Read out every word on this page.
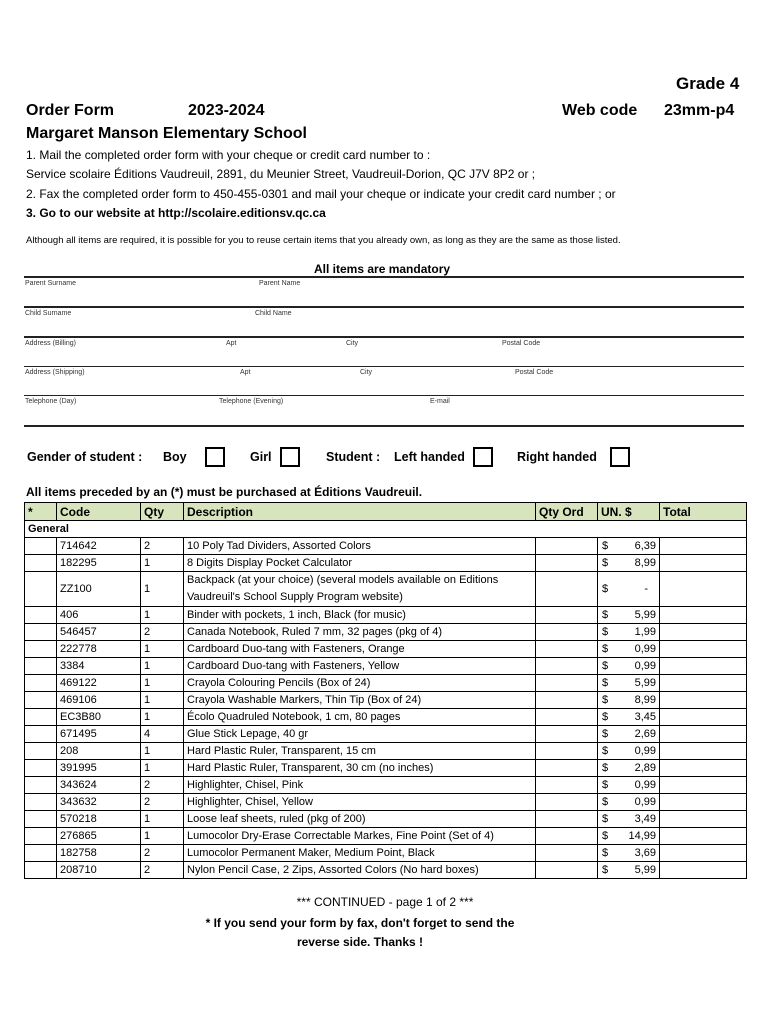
Grade 4
Order Form	2023-2024	Web code 23mm-p4
Margaret Manson Elementary School
1. Mail the completed order form with your cheque or credit card number to :
Service scolaire Éditions Vaudreuil, 2891, du Meunier Street, Vaudreuil-Dorion, QC J7V 8P2 or ;
2. Fax the completed order form to 450-455-0301 and mail your cheque or indicate your credit card number ; or
3. Go to our website at http://scolaire.editionsv.qc.ca
Although all items are required, it is possible for you to reuse certain items that you already own, as long as they are the same as those listed.
All items are mandatory
Parent Surname	Parent Name
Child Surname	Child Name
Address (Billing)	Apt	City	Postal Code
Address (Shipping)	Apt	City	Postal Code
Telephone (Day)	Telephone (Evening)	E-mail
Gender of student : Boy	Girl	Student : Left handed	Right handed
All items preceded by an (*) must be purchased at Éditions Vaudreuil.
*	Code	Qty	Description	Qty Ord	UN. $	Total
General						
	714642	2	10 Poly Tad Dividers, Assorted Colors		$ 6,39	

	182295	1	8 Digits Display Pocket Calculator		$ 8,99	

	ZZ100	1	Backpack (at your choice) (several models available on Editions Vaudreuil's School Supply Program website)		$ -	

	406	1	Binder with pockets, 1 inch, Black (for music)		$ 5,99	

	546457	2	Canada Notebook, Ruled 7 mm, 32 pages (pkg of 4)		$ 1,99	

	222778	1	Cardboard Duo-tang with Fasteners, Orange		$ 0,99	

	3384	1	Cardboard Duo-tang with Fasteners, Yellow		$ 0,99	

	469122	1	Crayola Colouring Pencils (Box of 24)		$ 5,99	

	469106	1	Crayola Washable Markers, Thin Tip (Box of 24)		$ 8,99	

	EC3B80	1	Écolo Quadruled Notebook, 1 cm, 80 pages		$ 3,45	

	671495	4	Glue Stick Lepage, 40 gr		$ 2,69	

	208	1	Hard Plastic Ruler, Transparent, 15 cm		$ 0,99	

	391995	1	Hard Plastic Ruler, Transparent, 30 cm (no inches)		$ 2,89	

	343624	2	Highlighter, Chisel, Pink		$ 0,99	

	343632	2	Highlighter, Chisel, Yellow		$ 0,99	

	570218	1	Loose leaf sheets, ruled (pkg of 200)		$ 3,49	

	276865	1	Lumocolor Dry-Erase Correctable Markes, Fine Point (Set of 4)		$ 14,99	

	182758	2	Lumocolor Permanent Maker, Medium Point, Black		$ 3,69	

	208710	2	Nylon Pencil Case, 2 Zips, Assorted Colors (No hard boxes)		$ 5,99	

*** CONTINUED - page 1 of 2 ***
* If you send your form by fax, don't forget to send the
reverse side. Thanks !
